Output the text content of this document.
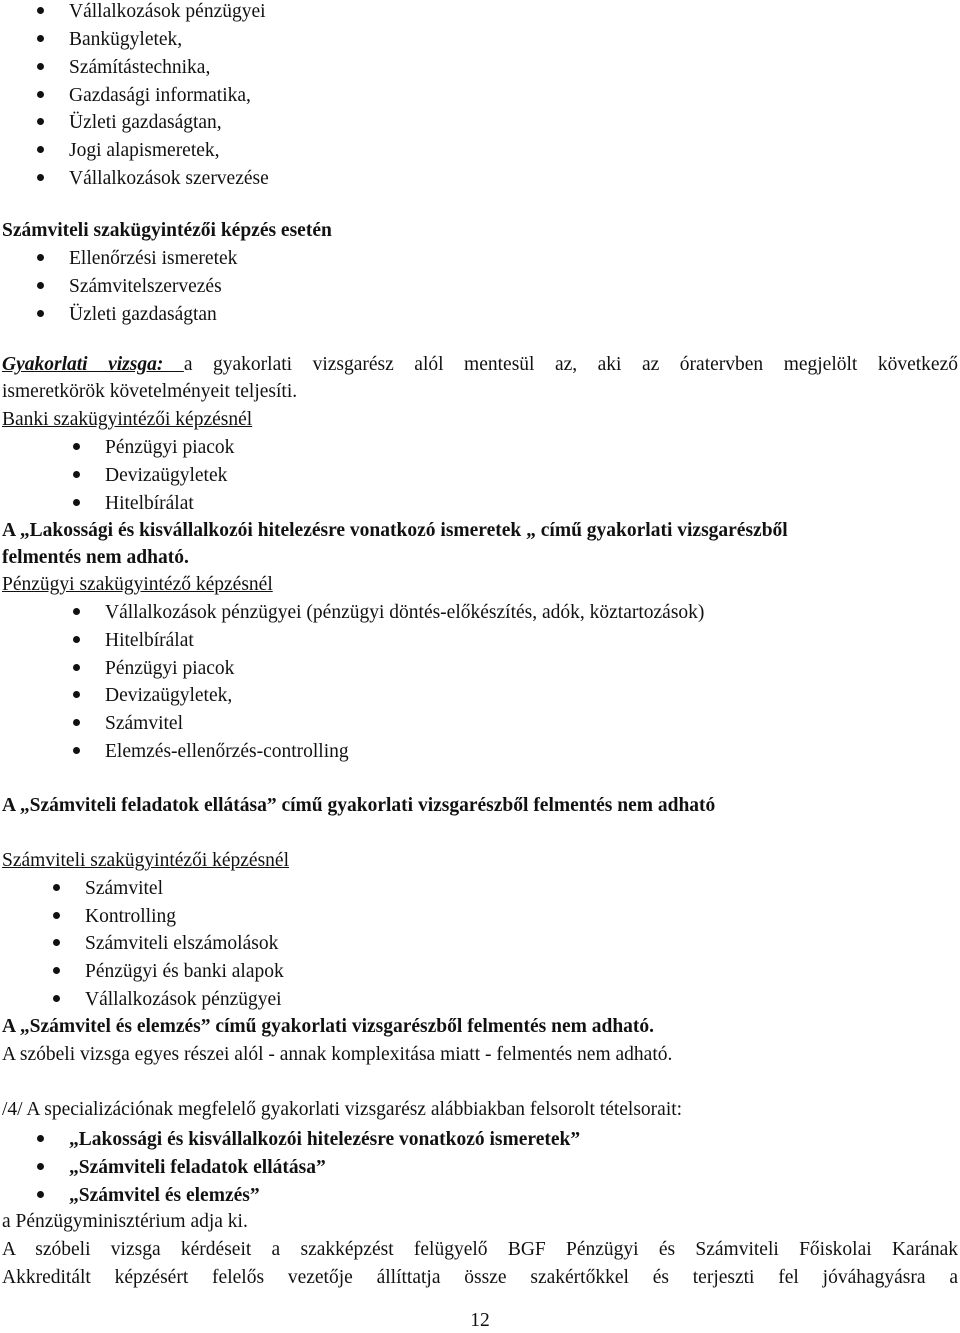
Vállalkozások pénzügyei
Bankügyletek,
Számítástechnika,
Gazdasági informatika,
Üzleti gazdaságtan,
Jogi alapismeretek,
Vállalkozások szervezése
Számviteli szakügyintézői képzés esetén
Ellenőrzési ismeretek
Számvitelszervezés
Üzleti gazdaságtan
Gyakorlati vizsga: a gyakorlati vizsgarész alól mentesül az, aki az óratervben megjelölt következő
ismeretkörök követelményeit teljesíti.
Banki szakügyintézői képzésnél
Pénzügyi piacok
Devizaügyletek
Hitelbírálat
A „Lakossági és kisvállalkozói hitelezésre vonatkozó ismeretek „ című gyakorlati vizsgarészből
felmentés nem adható.
Pénzügyi szakügyintéző képzésnél
Vállalkozások pénzügyei (pénzügyi döntés-előkészítés, adók, köztartozások)
Hitelbírálat
Pénzügyi piacok
Devizaügyletek,
Számvitel
Elemzés-ellenőrzés-controlling
A „Számviteli feladatok ellátása” című gyakorlati vizsgarészből felmentés nem adható
Számviteli szakügyintézői képzésnél
Számvitel
Kontrolling
Számviteli elszámolások
Pénzügyi és banki alapok
Vállalkozások pénzügyei
A „Számvitel és elemzés” című gyakorlati vizsgarészből felmentés nem adható.
A szóbeli vizsga egyes részei alól - annak komplexitása miatt - felmentés nem adható.
/4/ A specializációnak megfelelő gyakorlati vizsgarész alábbiakban felsorolt tételsorait:
„Lakossági és kisvállalkozói hitelezésre vonatkozó ismeretek”
„Számviteli feladatok ellátása”
„Számvitel és elemzés”
a Pénzügyminisztérium adja ki.
A szóbeli vizsga kérdéseit a szakképzést felügyelő BGF Pénzügyi és Számviteli Főiskolai Karának
Akkreditált képzésért felelős vezetője állíttatja össze szakértőkkel és terjeszti fel jóváhagyásra a
12
